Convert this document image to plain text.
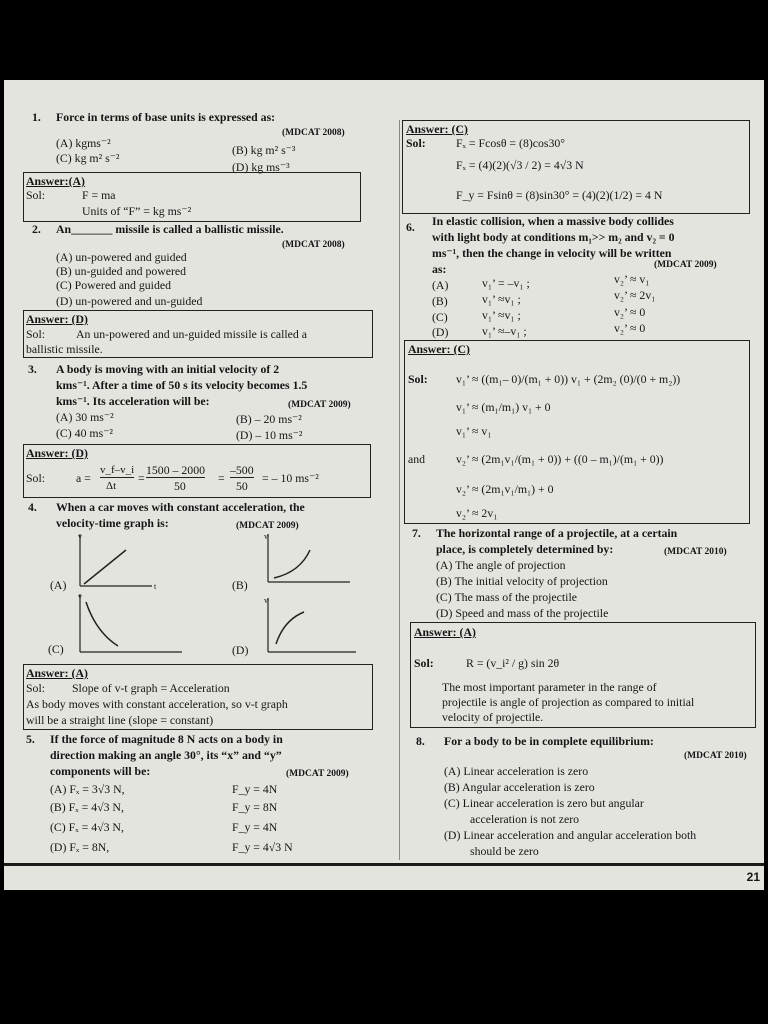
1. Force in terms of base units is expressed as:
(MDCAT 2008)
(A) kgms⁻²	(B) kg m² s⁻³
(C) kg m² s⁻²
(D) kg ms⁻³
Answer:(A)
Sol:	F = ma
Units of “F” = kg ms⁻²
2. An_______ missile is called a ballistic missile.
(MDCAT 2008)
(A) un-powered and guided
(B) un-guided and powered
(C) Powered and guided
(D) un-powered and un-guided
Answer: (D)
Sol:	An un-powered and un-guided missile is called a
ballistic missile.
3. A body is moving with an initial velocity of 2
kms⁻¹. After a time of 50 s its velocity becomes 1.5
kms⁻¹. Its acceleration will be:	(MDCAT 2009)
(A) 30 ms⁻²	(B) – 20 ms⁻²
(C) 40 ms⁻²	(D) – 10 ms⁻²
Answer: (D)
Sol:	a =
v_f–v_i
Δt
=
1500 – 2000
50
=
–500
50
= – 10 ms⁻²
4. When a car moves with constant acceleration, the
velocity-time graph is:	(MDCAT 2009)
v
t
(A)
v
(B)
v
(C)
v
(D)
Answer: (A)
Sol: Slope of v-t graph = Acceleration
As body moves with constant acceleration, so v-t graph
will be a straight line (slope = constant)
5. If the force of magnitude 8 N acts on a body in
direction making an angle 30°, its “x” and “y”
components will be:	(MDCAT 2009)
(A) Fₓ = 3√3 N,	F_y = 4N
(B) Fₓ = 4√3 N,	F_y = 8N
(C) Fₓ = 4√3 N,	F_y = 4N
(D) Fₓ = 8N,	F_y = 4√3 N
Answer: (C)
Sol:	Fₓ = Fcosθ = (8)cos30°
Fₓ = (4)(2)(√3 / 2) = 4√3 N
F_y = Fsinθ = (8)sin30° = (4)(2)(1/2) = 4 N
6. In elastic collision, when a massive body collides
with light body at conditions m₁>> m₂ and v₂ = 0
ms⁻¹, then the change in velocity will be written
as:	(MDCAT 2009)
(A)	v₁’ = –v₁ ;	v₂’ ≈ v₁
(B)	v₁’ ≈v₁ ;	v₂’ ≈ 2v₁
(C)	v₁’ ≈v₁ ;	v₂’ ≈ 0
(D)	v₁’ ≈–v₁ ;	v₂’ ≈ 0
Answer: (C)
Sol: v₁’ ≈ ((m₁– 0)/(m₁ + 0)) v₁ + (2m₂ (0)/(0 + m₂))
v₁’ ≈ (m₁/m₁) v₁ + 0
v₁’ ≈ v₁
and	v₂’ ≈ (2m₁v₁/(m₁ + 0)) + ((0 – m₁)/(m₁ + 0))
v₂’ ≈ (2m₁v₁/m₁) + 0
v₂’ ≈ 2v₁
7. The horizontal range of a projectile, at a certain
place, is completely determined by:	(MDCAT 2010)
(A) The angle of projection
(B) The initial velocity of projection
(C) The mass of the projectile
(D) Speed and mass of the projectile
Answer: (A)
Sol:	R = (v_i² / g) sin 2θ
The most important parameter in the range of
projectile is angle of projection as compared to initial
velocity of projectile.
8. For a body to be in complete equilibrium:
(MDCAT 2010)
(A) Linear acceleration is zero
(B) Angular acceleration is zero
(C) Linear acceleration is zero but angular
acceleration is not zero
(D) Linear acceleration and angular acceleration both
should be zero
21
